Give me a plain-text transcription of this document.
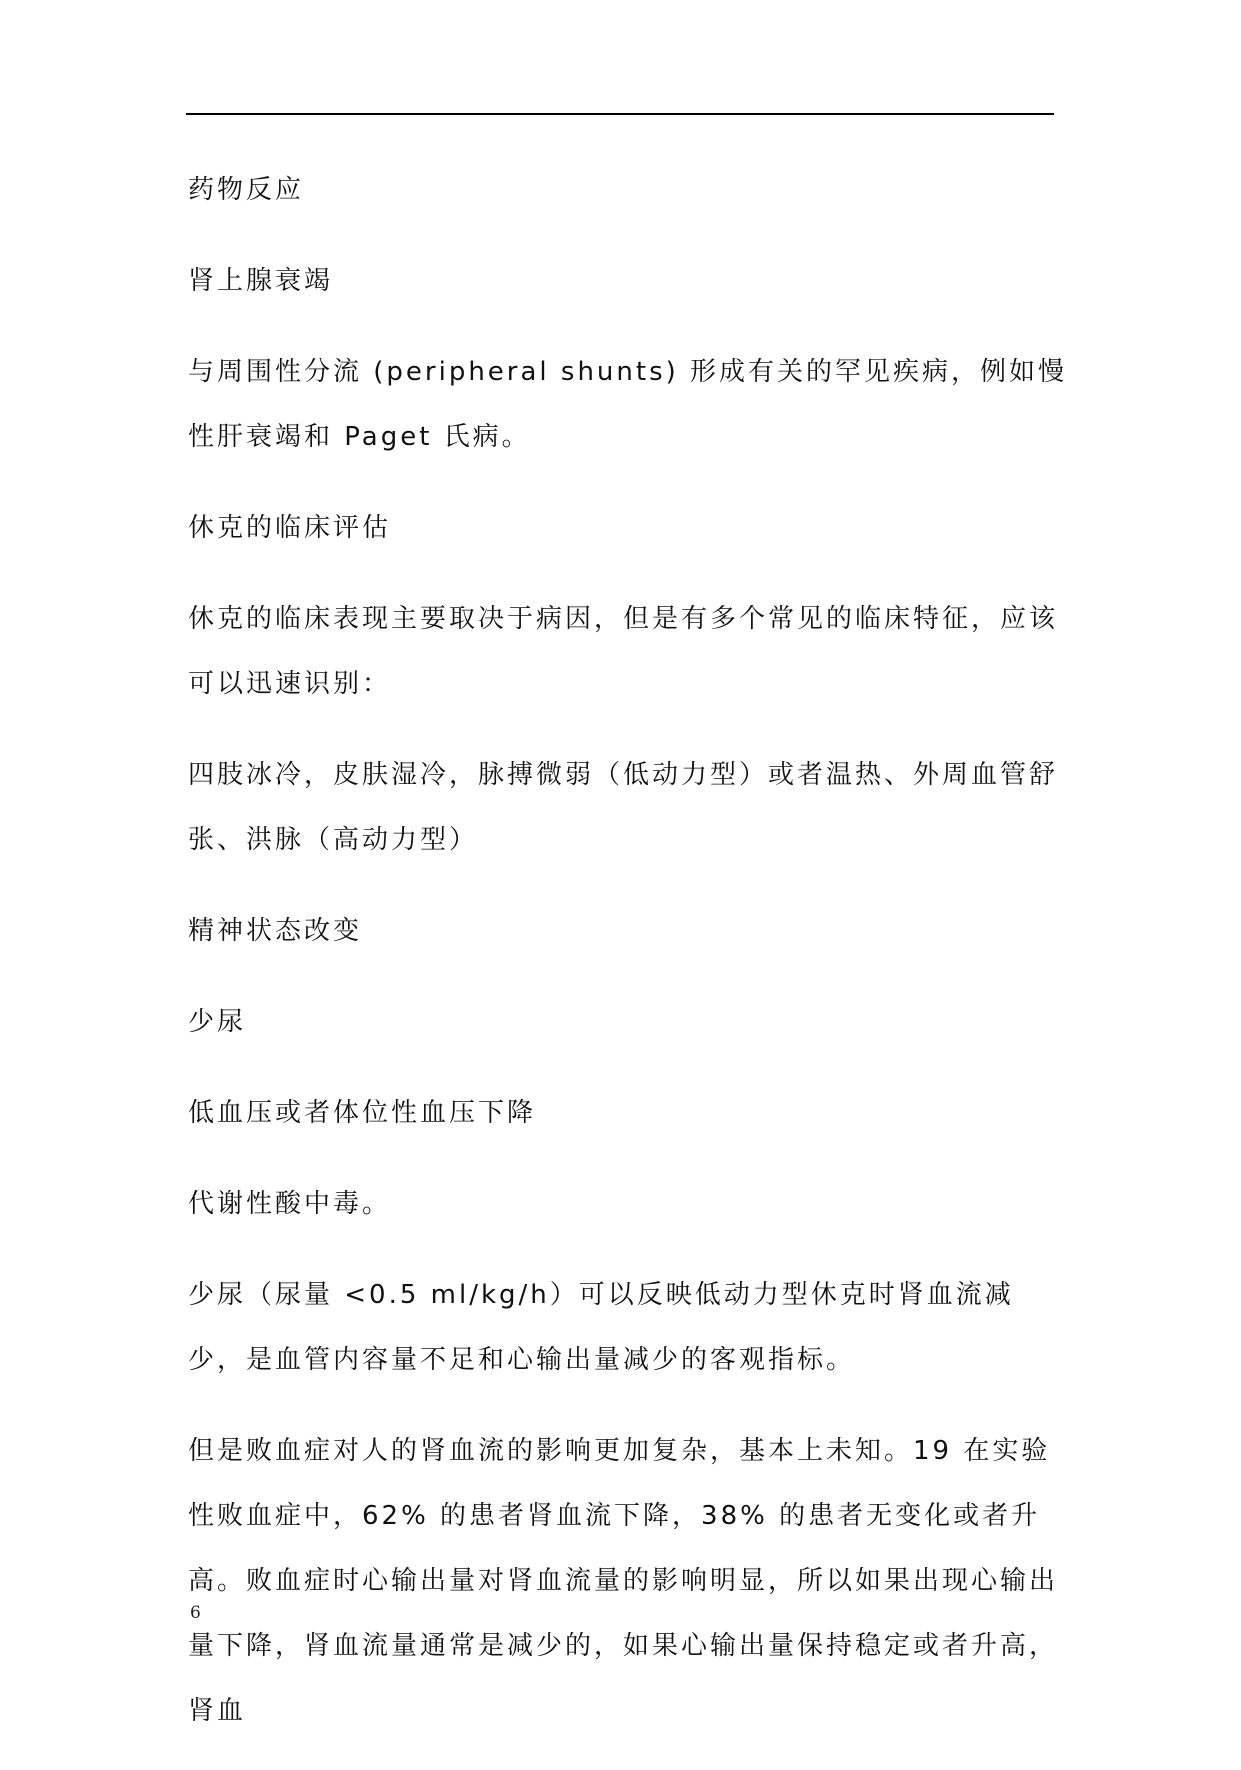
药物反应

肾上腺衰竭

与周围性分流 (peripheral shunts) 形成有关的罕见疾病，例如慢性肝衰竭和 Paget 氏病。

休克的临床评估

休克的临床表现主要取决于病因，但是有多个常见的临床特征，应该可以迅速识别：

四肢冰冷，皮肤湿冷，脉搏微弱（低动力型）或者温热、外周血管舒张、洪脉（高动力型）

精神状态改变

少尿

低血压或者体位性血压下降

代谢性酸中毒。

少尿（尿量 <0.5 ml/kg/h）可以反映低动力型休克时肾血流减少，是血管内容量不足和心输出量减少的客观指标。

但是败血症对人的肾血流的影响更加复杂，基本上未知。19 在实验性败血症中，62% 的患者肾血流下降，38% 的患者无变化或者升高。败血症时心输出量对肾血流量的影响明显，所以如果出现心输出量下降，肾血流量通常是减少的，如果心输出量保持稳定或者升高，肾血

6
